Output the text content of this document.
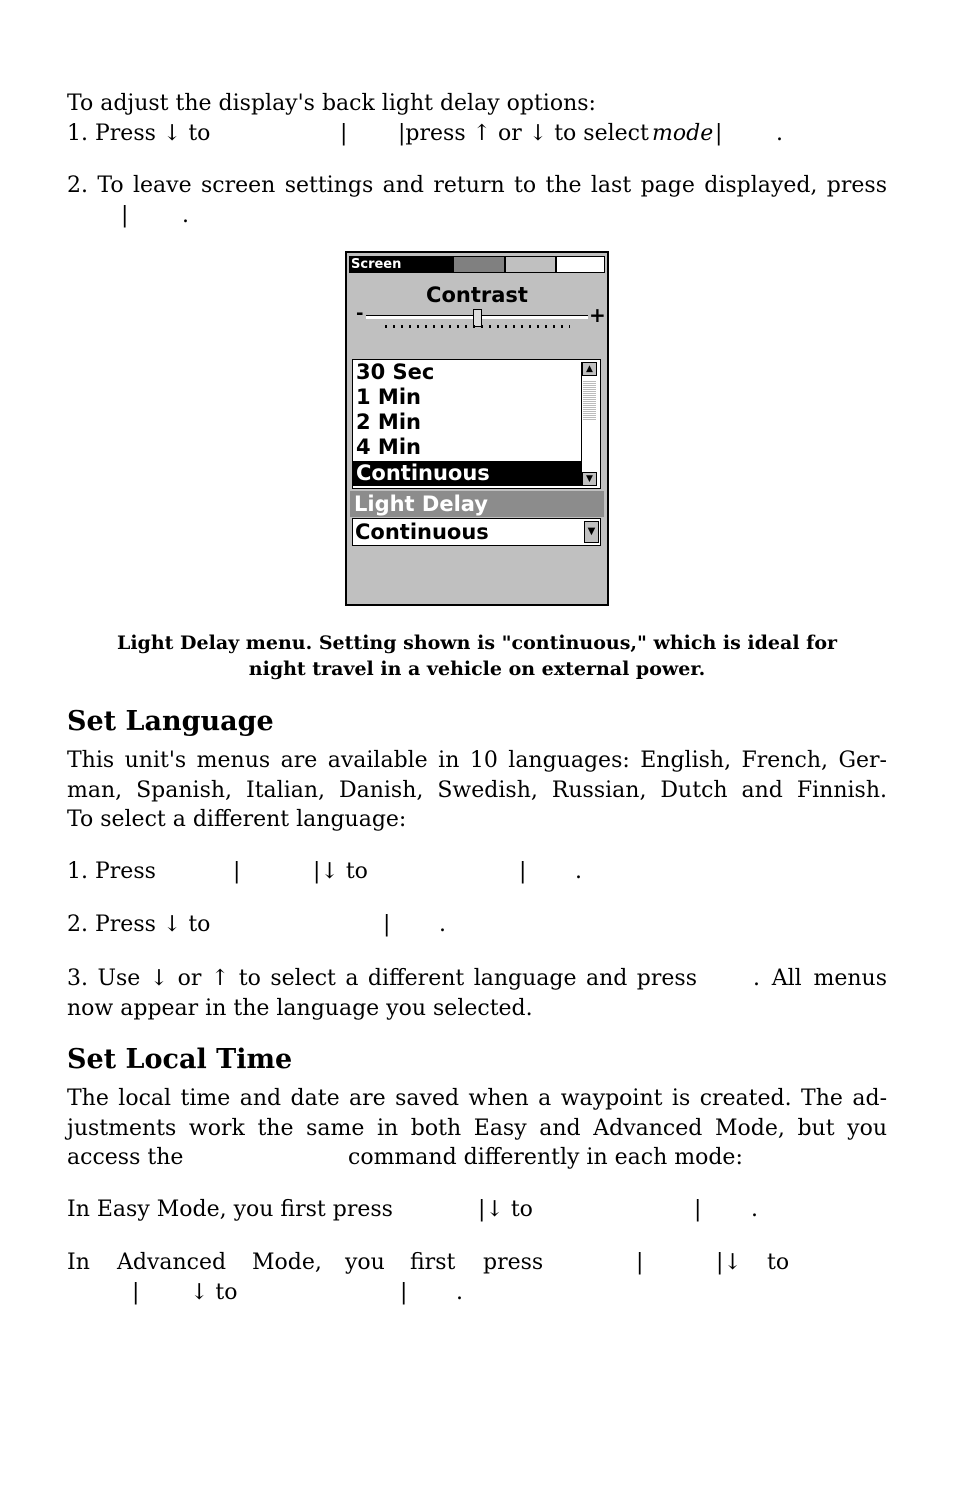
To adjust the display's back light delay options:
1. Press ↓ to	| |press ↑ or ↓ to select mode | .
2. To leave screen settings and return to the last page displayed, press
| .
Screen
Contrast
-	+
30 Sec
1 Min
2 Min
4 Min
Continuous
▲
▼
Light Delay
Continuous	▼
Light Delay menu. Setting shown is "continuous," which is ideal for
night travel in a vehicle on external power.
Set Language
This unit's menus are available in 10 languages: English, French, Ger-
man, Spanish, Italian, Danish, Swedish, Russian, Dutch and Finnish.
To select a different language:
1. Press	|	|↓ to	| .
2. Press ↓ to	| .
3. Use ↓ or ↑ to select a different language and press	. All menus
now appear in the language you selected.
Set Local Time
The local time and date are saved when a waypoint is created. The ad-
justments work the same in both Easy and Advanced Mode, but you
access the	command differently in each mode:
In Easy Mode, you first press	|↓ to	| .
In Advanced Mode, you first press	|	|↓ to
| ↓ to	| .
